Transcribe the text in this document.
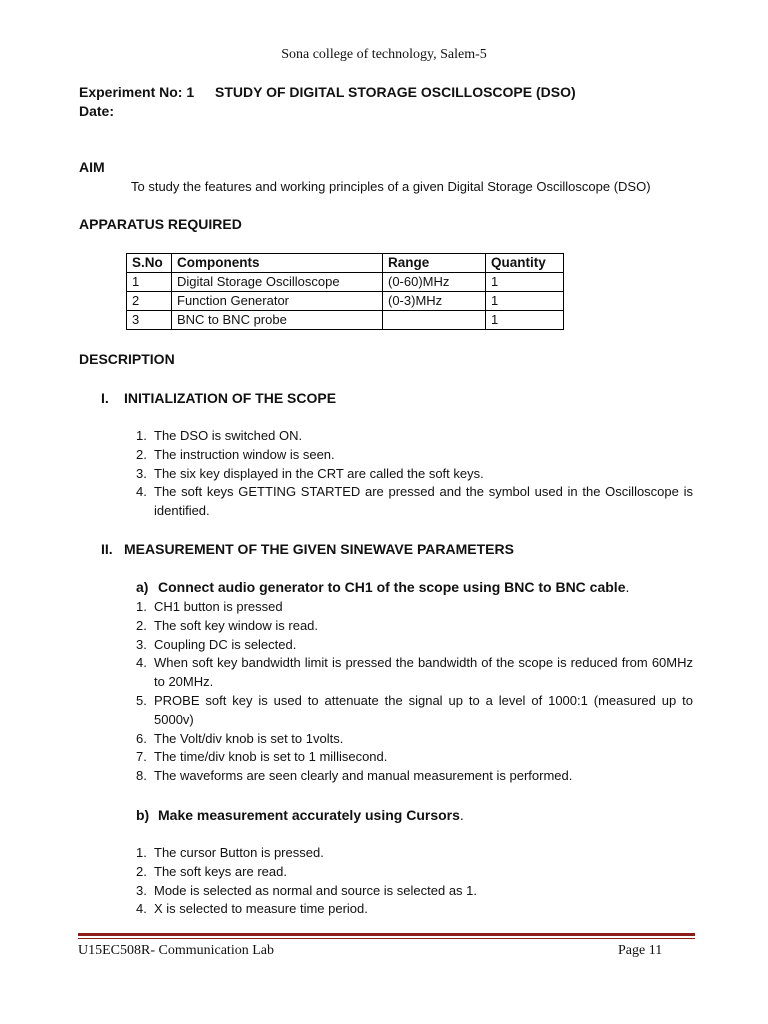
Sona college of technology, Salem-5
Experiment No: 1 STUDY OF DIGITAL STORAGE OSCILLOSCOPE (DSO)
Date:
AIM
To study the features and working principles of a given Digital Storage Oscilloscope (DSO)
APPARATUS REQUIRED
S.No	Components	Range	Quantity
1	Digital Storage Oscilloscope	(0-60)MHz	1
2	Function Generator	(0-3)MHz	1
3	BNC to BNC probe		1
DESCRIPTION
I. INITIALIZATION OF THE SCOPE
1. The DSO is switched ON.
2. The instruction window is seen.
3. The six key displayed in the CRT are called the soft keys.
4. The soft keys GETTING STARTED are pressed and the symbol used in the Oscilloscope is identified.
II. MEASUREMENT OF THE GIVEN SINEWAVE PARAMETERS
a) Connect audio generator to CH1 of the scope using BNC to BNC cable.
1. CH1 button is pressed
2. The soft key window is read.
3. Coupling DC is selected.
4. When soft key bandwidth limit is pressed the bandwidth of the scope is reduced from 60MHz to 20MHz.
5. PROBE soft key is used to attenuate the signal up to a level of 1000:1 (measured up to 5000v)
6. The Volt/div knob is set to 1volts.
7. The time/div knob is set to 1 millisecond.
8. The waveforms are seen clearly and manual measurement is performed.
b) Make measurement accurately using Cursors.
1. The cursor Button is pressed.
2. The soft keys are read.
3. Mode is selected as normal and source is selected as 1.
4. X is selected to measure time period.
U15EC508R- Communication Lab	Page 11
